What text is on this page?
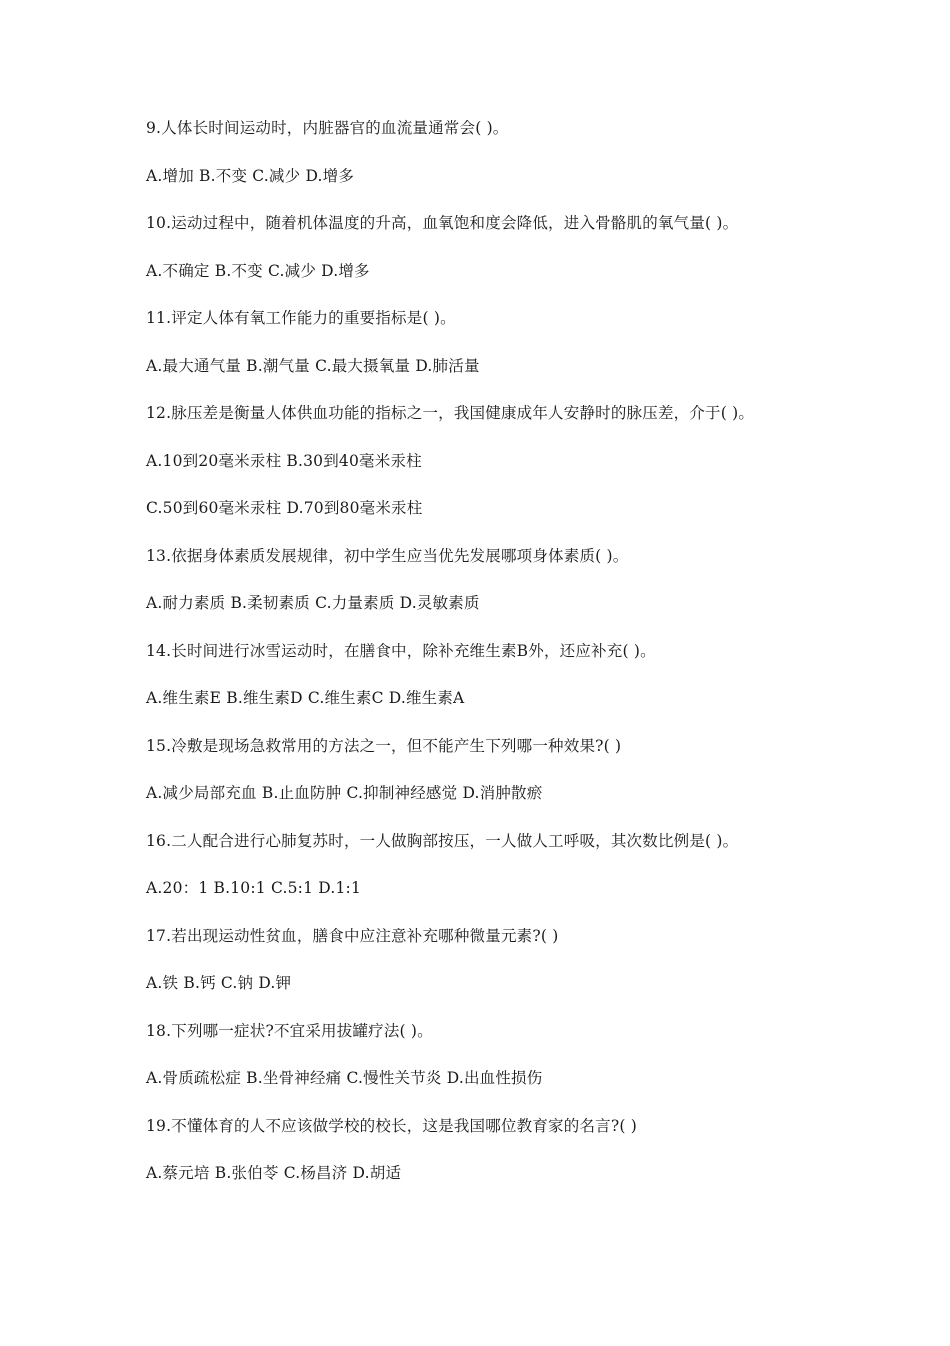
9.人体长时间运动时，内脏器官的血流量通常会( )。
A.增加 B.不变 C.减少 D.增多
10.运动过程中，随着机体温度的升高，血氧饱和度会降低，进入骨骼肌的氧气量( )。
A.不确定 B.不变 C.减少 D.增多
11.评定人体有氧工作能力的重要指标是( )。
A.最大通气量 B.潮气量 C.最大摄氧量 D.肺活量
12.脉压差是衡量人体供血功能的指标之一，我国健康成年人安静时的脉压差，介于( )。
A.10到20毫米汞柱 B.30到40毫米汞柱
C.50到60毫米汞柱 D.70到80毫米汞柱
13.依据身体素质发展规律，初中学生应当优先发展哪项身体素质( )。
A.耐力素质 B.柔韧素质 C.力量素质 D.灵敏素质
14.长时间进行冰雪运动时，在膳食中，除补充维生素B外，还应补充( )。
A.维生素E B.维生素D C.维生素C D.维生素A
15.冷敷是现场急救常用的方法之一，但不能产生下列哪一种效果?( )
A.减少局部充血 B.止血防肿 C.抑制神经感觉 D.消肿散瘀
16.二人配合进行心肺复苏时，一人做胸部按压，一人做人工呼吸，其次数比例是( )。
A.20：1 B.10:1 C.5:1 D.1:1
17.若出现运动性贫血，膳食中应注意补充哪种微量元素?( )
A.铁 B.钙 C.钠 D.钾
18.下列哪一症状?不宜采用拔罐疗法( )。
A.骨质疏松症 B.坐骨神经痛 C.慢性关节炎 D.出血性损伤
19.不懂体育的人不应该做学校的校长，这是我国哪位教育家的名言?( )
A.蔡元培 B.张伯苓 C.杨昌济 D.胡适
